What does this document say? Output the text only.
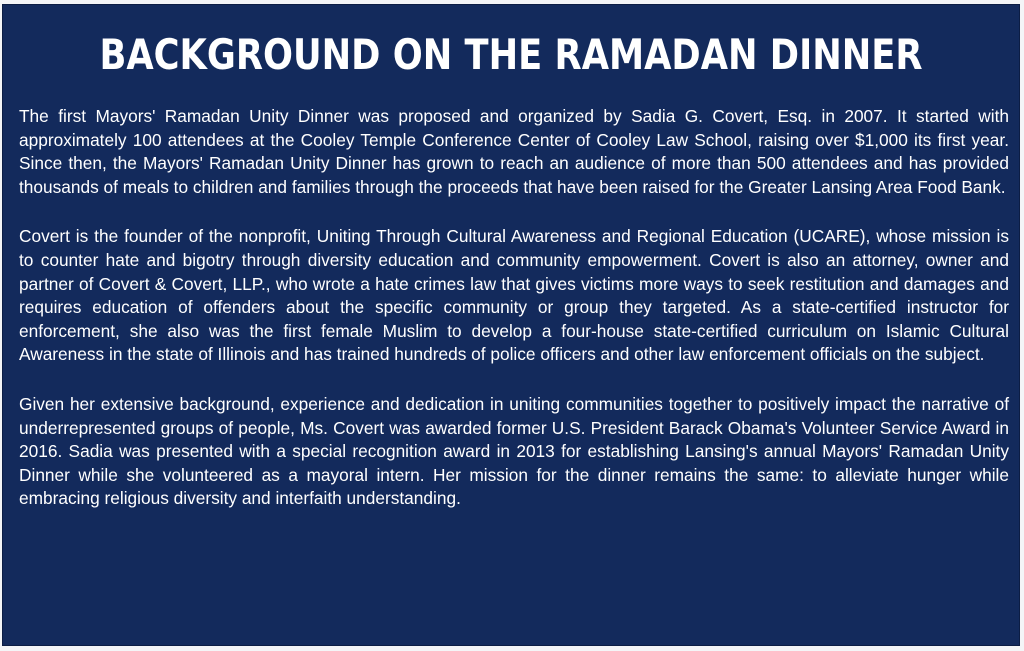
BACKGROUND ON THE RAMADAN DINNER

The first Mayors' Ramadan Unity Dinner was proposed and organized by Sadia G. Covert, Esq. in 2007. It started with approximately 100 attendees at the Cooley Temple Conference Center of Cooley Law School, raising over $1,000 its first year. Since then, the Mayors' Ramadan Unity Dinner has grown to reach an audience of more than 500 attendees and has provided thousands of meals to children and families through the proceeds that have been raised for the Greater Lansing Area Food Bank.

Covert is the founder of the nonprofit, Uniting Through Cultural Awareness and Regional Education (UCARE), whose mission is to counter hate and bigotry through diversity education and community empowerment. Covert is also an attorney, owner and partner of Covert & Covert, LLP., who wrote a hate crimes law that gives victims more ways to seek restitution and damages and requires education of offenders about the specific community or group they targeted. As a state-certified instructor for enforcement, she also was the first female Muslim to develop a four-house state-certified curriculum on Islamic Cultural Awareness in the state of Illinois and has trained hundreds of police officers and other law enforcement officials on the subject.

Given her extensive background, experience and dedication in uniting communities together to positively impact the narrative of underrepresented groups of people, Ms. Covert was awarded former U.S. President Barack Obama's Volunteer Service Award in 2016. Sadia was presented with a special recognition award in 2013 for establishing Lansing's annual Mayors' Ramadan Unity Dinner while she volunteered as a mayoral intern. Her mission for the dinner remains the same: to alleviate hunger while embracing religious diversity and interfaith understanding.
